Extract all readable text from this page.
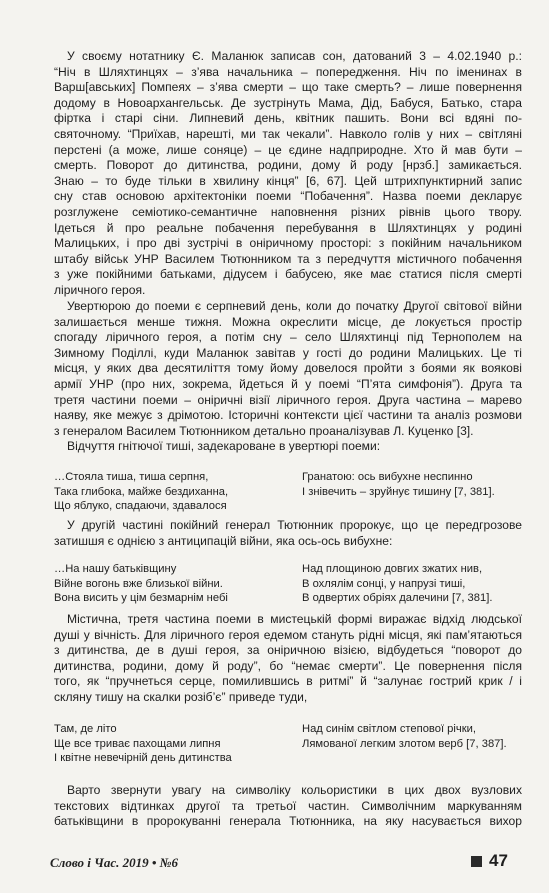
У своєму нотатнику Є. Маланюк записав сон, датований 3 – 4.02.1940 р.:
“Ніч в Шляхтинцях – з’ява начальника – попередження. Ніч по іменинах в
Варш[авських] Помпеях – з’ява смерти – що таке смерть? – лише повернення
додому в Новоархангельськ. Де зустрінуть Мама, Дід, Бабуся, Батько, стара
фіртка і старі сіни. Липневий день, квітник пашить. Вони всі вдяні по-
святочному. “Приїхав, нарешті, ми так чекали”. Навколо голів у них – світляні
перстені (а може, лише соняце) – це єдине надприродне. Хто й мав бути –
смерть. Поворот до дитинства, родини, дому й роду [нрзб.] замикається.
Знаю – то буде тільки в хвилину кінця” [6, 67]. Цей штрихпунктирний запис
сну став основою архітектоніки поеми “Побачення”. Назва поеми декларує
розглужене семіотико-семантичне наповнення різних рівнів цього твору.
Ідеться й про реальне побачення перебування в Шляхтинцях у родині
Малицьких, і про дві зустрічі в оніричному просторі: з покійним начальником
штабу військ УНР Василем Тютюнником та з передчуття містичного побачення
з уже покійними батьками, дідусем і бабусею, яке має статися після смерті
ліричного героя.
Увертюрою до поеми є серпневий день, коли до початку Другої світової війни
залишається менше тижня. Можна окреслити місце, де локується простір
спогаду ліричного героя, а потім сну – село Шляхтинці під Тернополем на
Зимному Поділлі, куди Маланюк завітав у гості до родини Малицьких. Це ті
місця, у яких два десятиліття тому йому довелося пройти з боями як воякові
армії УНР (про них, зокрема, йдеться й у поемі “П’ята симфонія”). Друга та
третя частини поеми – оніричні візії ліричного героя. Друга частина – марево
наяву, яке межує з дрімотою. Історичні контексти цієї частини та аналіз розмови
з генералом Василем Тютюнником детально проаналізував Л. Куценко [3].
Відчуття гнітючої тиші, задекароване в увертюрі поеми:
…Стояла тиша, тиша серпня,
Така глибока, майже бездиханна,
Що яблуко, спадаючи, здавалося
Гранатою: ось вибухне неспинно
І знівечить – зруйнує тишину [7, 381].
У другій частині покійний генерал Тютюнник пророкує, що це передгрозове
затишшя є однією з антиципацій війни, яка ось-ось вибухне:
…На нашу батьківщину
Війне вогонь вже близької війни.
Вона висить у цім безмарнім небі
Над площиною довгих зжатих нив,
В охлялім сонці, у напрузі тиші,
В одвертих обріях далечини [7, 381].
Містична, третя частина поеми в мистецькій формі виражає відхід людської
душі у вічність. Для ліричного героя едемом стануть рідні місця, які пам’ятаються
з дитинства, де в душі героя, за оніричною візією, відбудеться “поворот до
дитинства, родини, дому й роду”, бо “немає смерти”. Це повернення після
того, як “пручнеться серце, помилившись в ритмі” й “залунає гострий крик / і
скляну тишу на скалки розіб’є” приведе туди,
Там, де літо
Ще все триває пахощами липня
І квітне невечірній день дитинства
Над синім світлом степової річки,
Лямованої легким злотом верб [7, 387].
Варто звернути увагу на символіку кольористики в цих двох вузлових
текстових відтинках другої та третьої частин. Символічним маркуванням
батьківщини в пророкуванні генерала Тютюнника, на яку насувається вихор
Слово і Час. 2019 • №6	47
